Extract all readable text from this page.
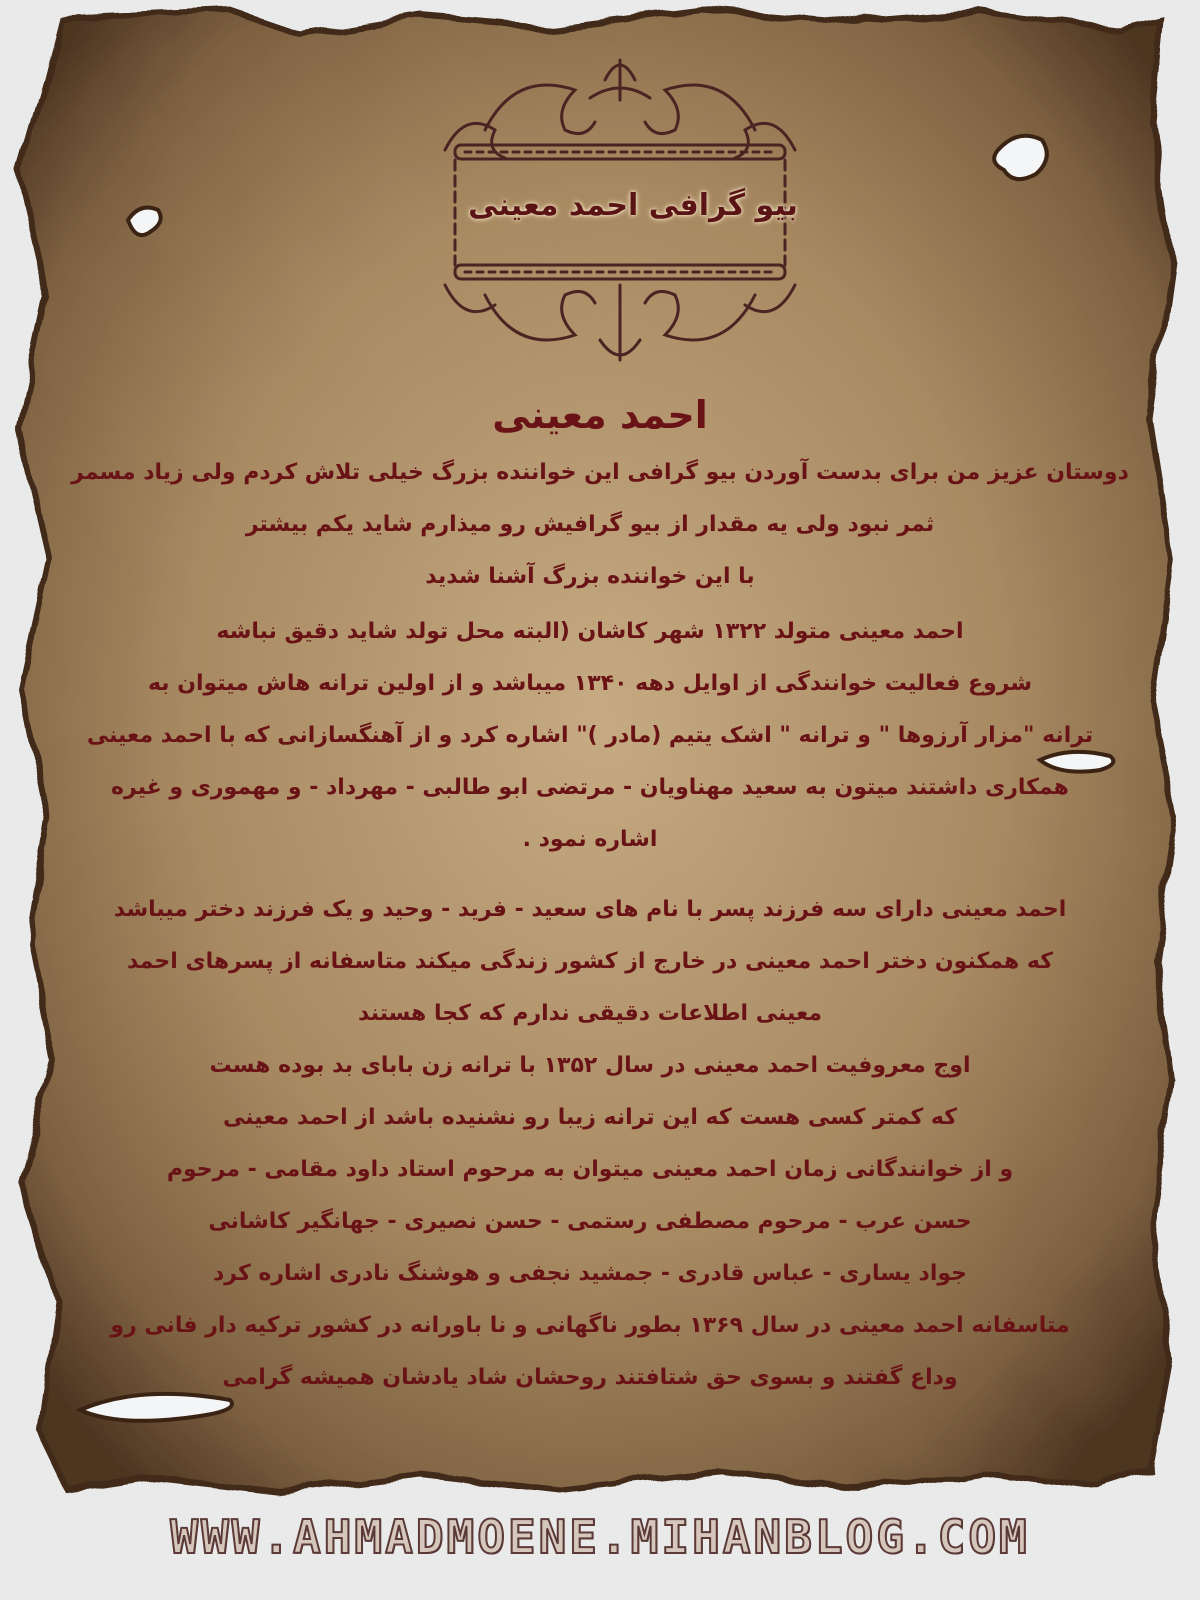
بیو گرافی احمد معینی
احمد معینی
دوستان عزیز من برای بدست آوردن بیو گرافی این خواننده بزرگ خیلی تلاش کردم ولی زیاد مسمر
ثمر نبود ولی یه مقدار از بیو گرافیش رو میذارم شاید یکم بیشتر
با این خواننده بزرگ آشنا شدید
احمد معینی متولد ۱۳۲۲ شهر کاشان (البته محل تولد شاید دقیق نباشه
شروع فعالیت خوانندگی از اوایل دهه ۱۳۴۰ میباشد و از اولین ترانه هاش میتوان به
ترانه "مزار آرزوها " و ترانه " اشک یتیم (مادر )" اشاره کرد و از آهنگسازانی که با احمد معینی
همکاری داشتند میتون به سعید مهناویان - مرتضی ابو طالبی - مهرداد - و مهموری و غیره
اشاره نمود .
احمد معینی دارای سه فرزند پسر با نام های سعید - فرید - وحید و یک فرزند دختر میباشد
که همکنون دختر احمد معینی در خارج از کشور زندگی میکند متاسفانه از پسرهای احمد
معینی اطلاعات دقیقی ندارم که کجا هستند
اوج معروفیت احمد معینی در سال ۱۳۵۲ با ترانه زن بابای بد بوده هست
که کمتر کسی هست که این ترانه زیبا رو نشنیده باشد از احمد معینی
و از خوانندگانی زمان احمد معینی میتوان به مرحوم استاد داود مقامی - مرحوم
حسن عرب - مرحوم مصطفی رستمی - حسن نصیری - جهانگیر کاشانی
جواد یساری - عباس قادری - جمشید نجفی و هوشنگ نادری اشاره کرد
متاسفانه احمد معینی در سال ۱۳۶۹ بطور ناگهانی و نا باورانه در کشور ترکیه دار فانی رو
وداع گفتند و بسوی حق شتافتند روحشان شاد یادشان همیشه گرامی
WWW.AHMADMOENE.MIHANBLOG.COM
